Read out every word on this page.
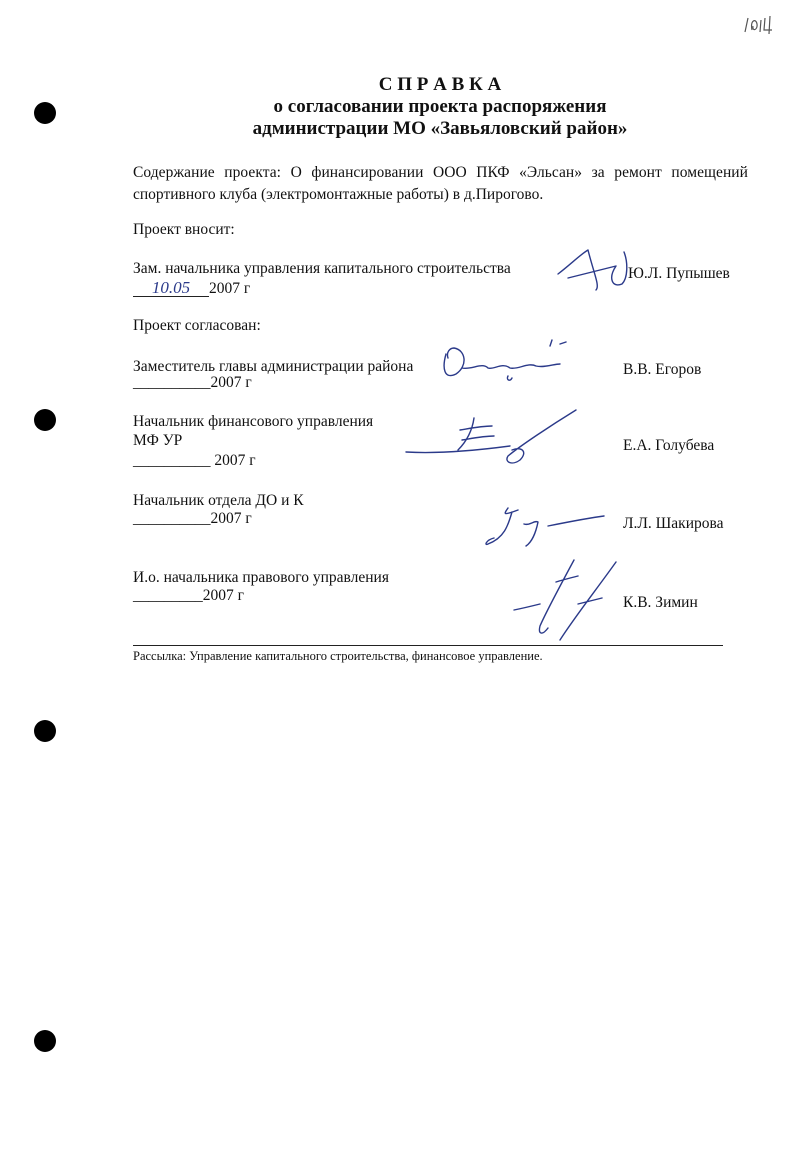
С П Р А В К А
о согласовании проекта распоряжения
администрации МО «Завьяловский район»
Содержание проекта: О финансировании ООО ПКФ «Эльсан» за ремонт помещений
спортивного клуба (электромонтажные работы) в д.Пирогово.
Проект вносит:
Зам. начальника управления капитального строительства
10.05 2007 г
Ю.Л. Пупышев
Проект согласован:
Заместитель главы администрации района
__________2007 г
В.В. Егоров
Начальник финансового управления
МФ УР
__________ 2007 г
Е.А. Голубева
Начальник отдела ДО и К
__________2007 г	Л.Л. Шакирова
И.о. начальника правового управления
_________2007 г	К.В. Зимин
Рассылка: Управление капитального строительства, финансовое управление.
